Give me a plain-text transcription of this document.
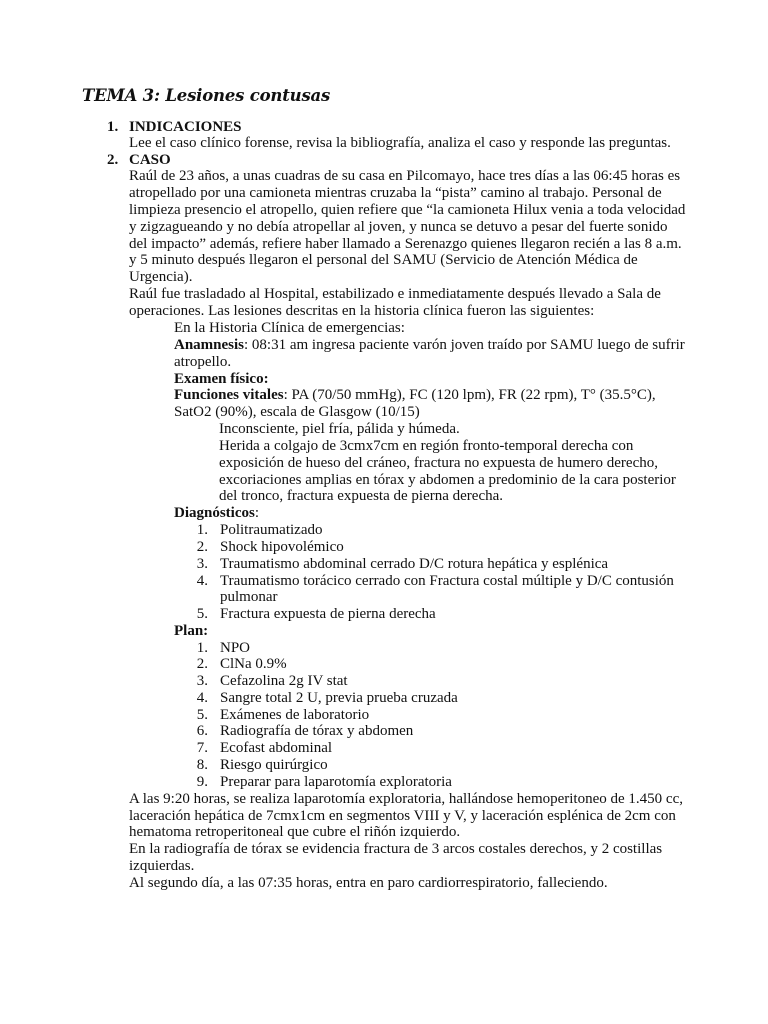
TEMA 3: Lesiones contusas
1. INDICACIONES
Lee el caso clínico forense, revisa la bibliografía, analiza el caso y responde las preguntas.
2. CASO
Raúl de 23 años, a unas cuadras de su casa en Pilcomayo, hace tres días a las 06:45 horas es
atropellado por una camioneta mientras cruzaba la “pista” camino al trabajo. Personal de
limpieza presencio el atropello, quien refiere que “la camioneta Hilux venia a toda velocidad
y zigzagueando y no debía atropellar al joven, y nunca se detuvo a pesar del fuerte sonido
del impacto” además, refiere haber llamado a Serenazgo quienes llegaron recién a las 8 a.m.
y 5 minuto después llegaron el personal del SAMU (Servicio de Atención Médica de
Urgencia).
Raúl fue trasladado al Hospital, estabilizado e inmediatamente después llevado a Sala de
operaciones. Las lesiones descritas en la historia clínica fueron las siguientes:
En la Historia Clínica de emergencias:
Anamnesis: 08:31 am ingresa paciente varón joven traído por SAMU luego de sufrir
atropello.
Examen físico:
Funciones vitales: PA (70/50 mmHg), FC (120 lpm), FR (22 rpm), T° (35.5°C),
SatO2 (90%), escala de Glasgow (10/15)
Inconsciente, piel fría, pálida y húmeda.
Herida a colgajo de 3cmx7cm en región fronto-temporal derecha con
exposición de hueso del cráneo, fractura no expuesta de humero derecho,
excoriaciones amplias en tórax y abdomen a predominio de la cara posterior
del tronco, fractura expuesta de pierna derecha.
Diagnósticos:
1. Politraumatizado
2. Shock hipovolémico
3. Traumatismo abdominal cerrado D/C rotura hepática y esplénica
4. Traumatismo torácico cerrado con Fractura costal múltiple y D/C contusión
pulmonar
5. Fractura expuesta de pierna derecha
Plan:
1. NPO
2. ClNa 0.9%
3. Cefazolina 2g IV stat
4. Sangre total 2 U, previa prueba cruzada
5. Exámenes de laboratorio
6. Radiografía de tórax y abdomen
7. Ecofast abdominal
8. Riesgo quirúrgico
9. Preparar para laparotomía exploratoria
A las 9:20 horas, se realiza laparotomía exploratoria, hallándose hemoperitoneo de 1.450 cc,
laceración hepática de 7cmx1cm en segmentos VIII y V, y laceración esplénica de 2cm con
hematoma retroperitoneal que cubre el riñón izquierdo.
En la radiografía de tórax se evidencia fractura de 3 arcos costales derechos, y 2 costillas
izquierdas.
Al segundo día, a las 07:35 horas, entra en paro cardiorrespiratorio, falleciendo.
